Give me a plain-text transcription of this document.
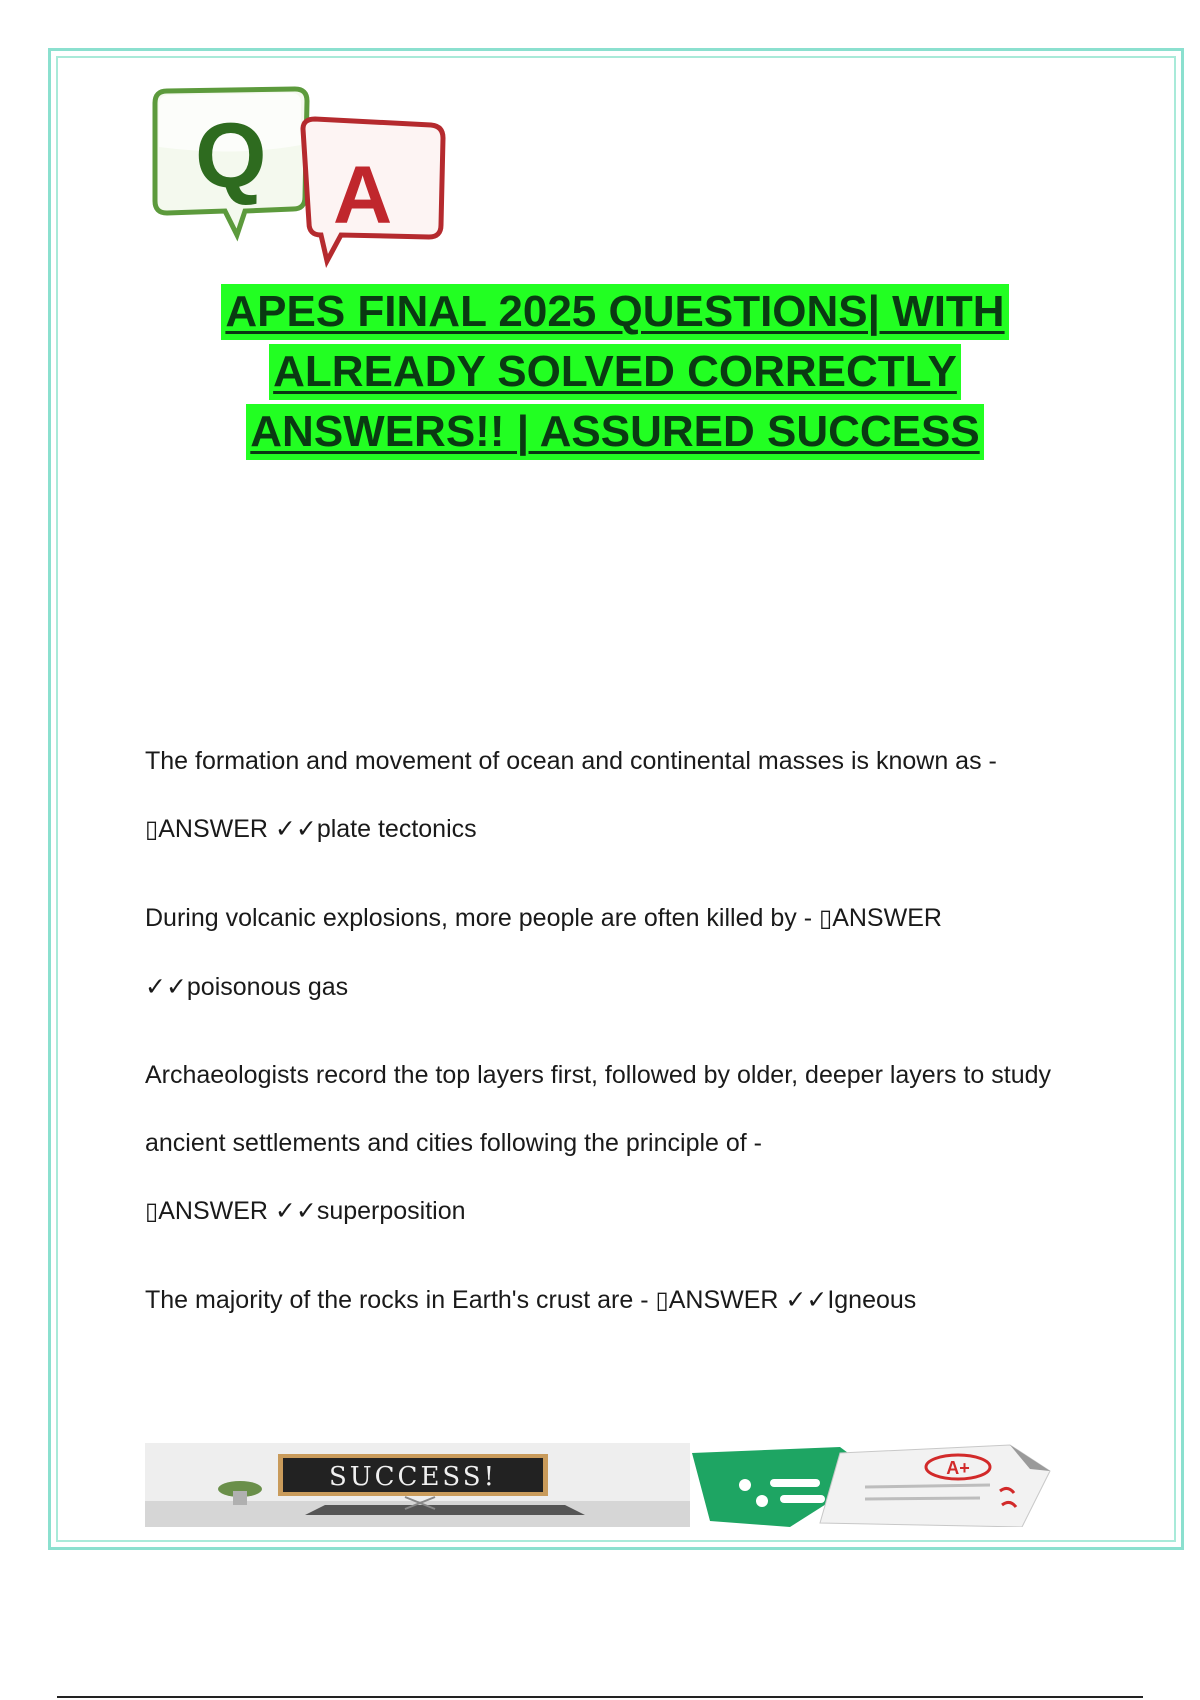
Q A
APES FINAL 2025 QUESTIONS| WITH
ALREADY SOLVED CORRECTLY
ANSWERS!! | ASSURED SUCCESS

The formation and movement of ocean and continental masses is known as - ▯ANSWER ✓✓plate tectonics

During volcanic explosions, more people are often killed by - ▯ANSWER
✓✓poisonous gas

Archaeologists record the top layers first, followed by older, deeper layers to study ancient settlements and cities following the principle of -
▯ANSWER ✓✓superposition

The majority of the rocks in Earth's crust are - ▯ANSWER ✓✓Igneous

SUCCESS!	A+
